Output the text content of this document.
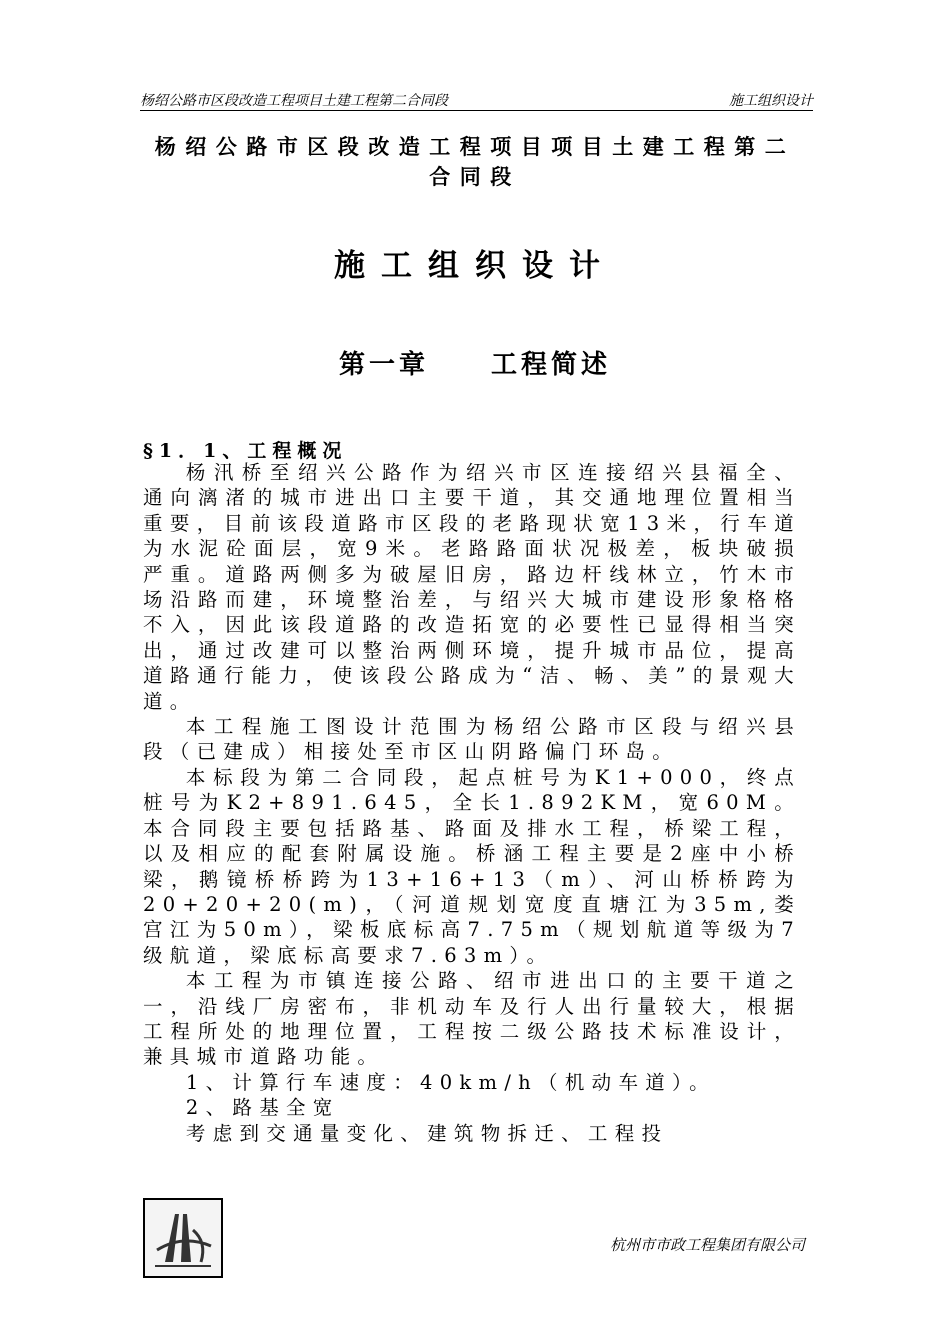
杨绍公路市区段改造工程项目土建工程第二合同段	施工组织设计
杨绍公路市区段改造工程项目项目土建工程第二合同段
施工组织设计
第一章 工程简述
§1．1、工程概况

杨汛桥至绍兴公路作为绍兴市区连接绍兴县福全、通向漓渚的城市进出口主要干道，其交通地理位置相当重要，目前该段道路市区段的老路现状宽13米，行车道为水泥砼面层，宽9米。老路路面状况极差，板块破损严重。道路两侧多为破屋旧房，路边杆线林立，竹木市场沿路而建，环境整治差，与绍兴大城市建设形象格格不入，因此该段道路的改造拓宽的必要性已显得相当突出，通过改建可以整治两侧环境，提升城市品位，提高道路通行能力，使该段公路成为“洁、畅、美”的景观大道。

本工程施工图设计范围为杨绍公路市区段与绍兴县段（已建成）相接处至市区山阴路偏门环岛。

本标段为第二合同段，起点桩号为K1+000，终点桩号为K2+891.645，全长1.892KM，宽60M。本合同段主要包括路基、路面及排水工程，桥梁工程，以及相应的配套附属设施。桥涵工程主要是2座中小桥梁，鹅镜桥桥跨为13+16+13（m）、河山桥桥跨为20+20+20(m)，（河道规划宽度直塘江为35m,娄宫江为50m），梁板底标高7.75m（规划航道等级为7级航道，梁底标高要求7.63m）。

本工程为市镇连接公路、绍市进出口的主要干道之一，沿线厂房密布，非机动车及行人出行量较大，根据工程所处的地理位置，工程按二级公路技术标准设计，兼具城市道路功能。

1、计算行车速度：40km/h（机动车道）。

2、路基全宽

考虑到交通量变化、建筑物拆迁、工程投

杭州市市政工程集团有限公司
